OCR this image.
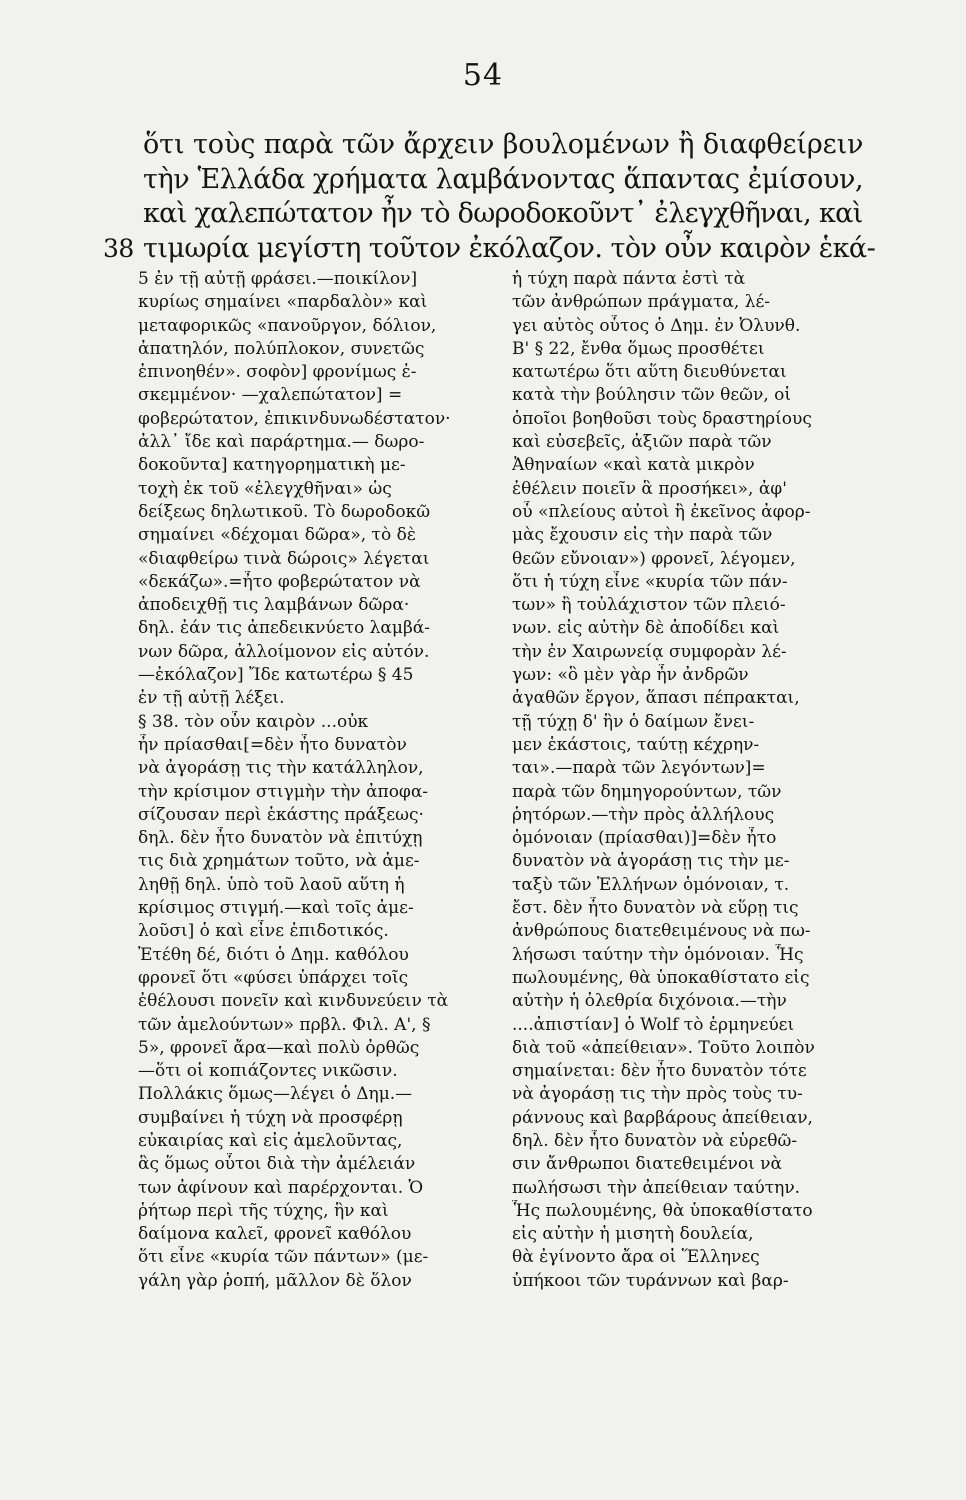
54
ὅτι τοὺς παρὰ τῶν ἄρχειν βουλομένων ἢ διαφθείρειν
τὴν Ἑλλάδα χρήματα λαμβάνοντας ἅπαντας ἐμίσουν,
καὶ χαλεπώτατον ἦν τὸ δωροδοκοῦντ᾽ ἐλεγχθῆναι, καὶ
38 τιμωρία μεγίστη τοῦτον ἐκόλαζον. τὸν οὖν καιρὸν ἑκά-
5 ἐν τῇ αὐτῇ φράσει.—ποικίλον]
κυρίως σημαίνει «παρδαλὸν» καὶ
μεταφορικῶς «πανοῦργον, δόλιον,
ἀπατηλόν, πολύπλοκον, συνετῶς
ἐπινοηθέν». σοφὸν] φρονίμως ἐ-
σκεμμένον· —χαλεπώτατον] =
φοβερώτατον, ἐπικινδυνωδέστατον·
ἀλλ᾽ ἴδε καὶ παράρτημα.— δωρο-
δοκοῦντα] κατηγορηματικὴ με-
τοχὴ ἐκ τοῦ «ἐλεγχθῆναι» ὡς
δείξεως δηλωτικοῦ. Τὸ δωροδοκῶ
σημαίνει «δέχομαι δῶρα», τὸ δὲ
«διαφθείρω τινὰ δώροις» λέγεται
«δεκάζω».=ἦτο φοβερώτατον νὰ
ἀποδειχθῇ τις λαμβάνων δῶρα·
δηλ. ἐάν τις ἀπεδεικνύετο λαμβά-
νων δῶρα, ἀλλοίμονον εἰς αὐτόν.
—ἐκόλαζον] Ἴδε κατωτέρω § 45
ἐν τῇ αὐτῇ λέξει.
§ 38. τὸν οὖν καιρὸν ...οὐκ
ἦν πρίασθαι[=δὲν ἦτο δυνατὸν
νὰ ἀγοράσῃ τις τὴν κατάλληλον,
τὴν κρίσιμον στιγμὴν τὴν ἀποφα-
σίζουσαν περὶ ἑκάστης πράξεως·
δηλ. δὲν ἦτο δυνατὸν νὰ ἐπιτύχῃ
τις διὰ χρημάτων τοῦτο, νὰ ἀμε-
ληθῇ δηλ. ὑπὸ τοῦ λαοῦ αὕτη ἡ
κρίσιμος στιγμή.—καὶ τοῖς ἀμε-
λοῦσι] ὁ καὶ εἶνε ἐπιδοτικός.
Ἐτέθη δέ, διότι ὁ Δημ. καθόλου
φρονεῖ ὅτι «φύσει ὑπάρχει τοῖς
ἐθέλουσι πονεῖν καὶ κινδυνεύειν τὰ
τῶν ἀμελούντων» πρβλ. Φιλ. Α', §
5», φρονεῖ ἄρα—καὶ πολὺ ὀρθῶς
—ὅτι οἱ κοπιάζοντες νικῶσιν.
Πολλάκις ὅμως—λέγει ὁ Δημ.—
συμβαίνει ἡ τύχη νὰ προσφέρῃ
εὐκαιρίας καὶ εἰς ἀμελοῦντας,
ἃς ὅμως οὗτοι διὰ τὴν ἀμέλειάν
των ἀφίνουν καὶ παρέρχονται. Ὁ
ῥήτωρ περὶ τῆς τύχης, ἣν καὶ
δαίμονα καλεῖ, φρονεῖ καθόλου
ὅτι εἶνε «κυρία τῶν πάντων» (με-
γάλη γὰρ ῥοπή, μᾶλλον δὲ ὅλον
ἡ τύχη παρὰ πάντα ἐστὶ τὰ
τῶν ἀνθρώπων πράγματα, λέ-
γει αὐτὸς οὗτος ὁ Δημ. ἐν Ὀλυνθ.
Β' § 22, ἔνθα ὅμως προσθέτει
κατωτέρω ὅτι αὕτη διευθύνεται
κατὰ τὴν βούλησιν τῶν θεῶν, οἱ
ὁποῖοι βοηθοῦσι τοὺς δραστηρίους
καὶ εὐσεβεῖς, ἀξιῶν παρὰ τῶν
Ἀθηναίων «καὶ κατὰ μικρὸν
ἐθέλειν ποιεῖν ἃ προσήκει», ἀφ'
οὗ «πλείους αὐτοὶ ἢ ἐκεῖνος ἀφορ-
μὰς ἔχουσιν εἰς τὴν παρὰ τῶν
θεῶν εὔνοιαν») φρονεῖ, λέγομεν,
ὅτι ἡ τύχη εἶνε «κυρία τῶν πάν-
των» ἢ τοὐλάχιστον τῶν πλειό-
νων. εἰς αὐτὴν δὲ ἀποδίδει καὶ
τὴν ἐν Χαιρωνείᾳ συμφορὰν λέ-
γων: «ὃ μὲν γὰρ ἦν ἀνδρῶν
ἀγαθῶν ἔργον, ἅπασι πέπρακται,
τῇ τύχῃ δ' ἣν ὁ δαίμων ἔνει-
μεν ἑκάστοις, ταύτῃ κέχρην-
ται».—παρὰ τῶν λεγόντων]=
παρὰ τῶν δημηγορούντων, τῶν
ῥητόρων.—τὴν πρὸς ἀλλήλους
ὁμόνοιαν (πρίασθαι)]=δὲν ἦτο
δυνατὸν νὰ ἀγοράσῃ τις τὴν με-
ταξὺ τῶν Ἑλλήνων ὁμόνοιαν, τ.
ἔστ. δὲν ἦτο δυνατὸν νὰ εὕρῃ τις
ἀνθρώπους διατεθειμένους νὰ πω-
λήσωσι ταύτην τὴν ὁμόνοιαν. Ἧς
πωλουμένης, θὰ ὑποκαθίστατο εἰς
αὐτὴν ἡ ὀλεθρία διχόνοια.—τὴν
....ἀπιστίαν] ὁ Wolf τὸ ἑρμηνεύει
διὰ τοῦ «ἀπείθειαν». Τοῦτο λοιπὸν
σημαίνεται: δὲν ἦτο δυνατὸν τότε
νὰ ἀγοράσῃ τις τὴν πρὸς τοὺς τυ-
ράννους καὶ βαρβάρους ἀπείθειαν,
δηλ. δὲν ἦτο δυνατὸν νὰ εὑρεθῶ-
σιν ἄνθρωποι διατεθειμένοι νὰ
πωλήσωσι τὴν ἀπείθειαν ταύτην.
Ἧς πωλουμένης, θὰ ὑποκαθίστατο
εἰς αὐτὴν ἡ μισητὴ δουλεία,
θὰ ἐγίνοντο ἄρα οἱ Ἕλληνες
ὑπήκοοι τῶν τυράννων καὶ βαρ-
